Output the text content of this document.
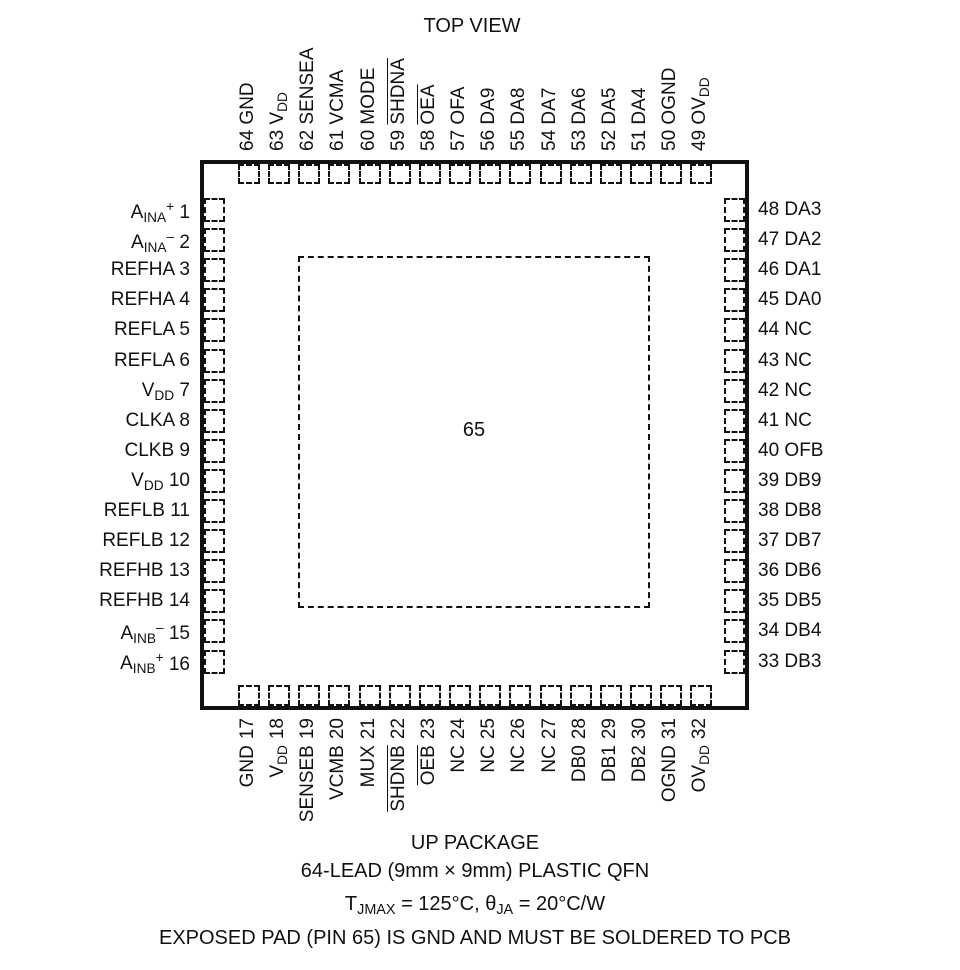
TOP VIEW
65
64 GND
63 $V_{DD}$
62 SENSEA
61 VCMA
60 MODE
59 SHDNA
58 $\overline{OEA}$
57 OFA
56 DA9
55 DA8
54 DA7
53 DA6
52 DA5
51 DA4
50 OGND
49 $OV_{DD}$
GND
17
$V_{DD}$
18
SENSEB
19
VCMB
20
MUX
21
SHDNB
22
$\overline{OEB}$
23
NC
24
NC
25
NC
26
NC
27
DB0
28
DB1
29
DB2
30
OGND
31
$OV_{DD}$
32
$A_{INA}^+$ 1
$A_{INA}^-$ 2
REFHA 3
REFHA 4
REFLA 5
REFLA 6
$V_{DD}$ 7
CLKA 8
CLKB 9
$V_{DD}$ 10
REFLB 11
REFLB 12
REFHB 13
REFHB 14
$A_{INB}^-$ 15
$A_{INB}^+$ 16
48 DA3
47 DA2
46 DA1
45 DA0
44 NC
43 NC
42 NC
41 NC
40 OFB
39 DB9
38 DB8
37 DB7
36 DB6
35 DB5
34 DB4
33 DB3
UP PACKAGE
64-LEAD (9mm × 9mm) PLASTIC QFN
$T_{JMAX} = 125^\circ C$, $\theta_{JA} = 20^\circ C/W$
EXPOSED PAD (PIN 65) IS GND AND MUST BE SOLDERED TO PCB
